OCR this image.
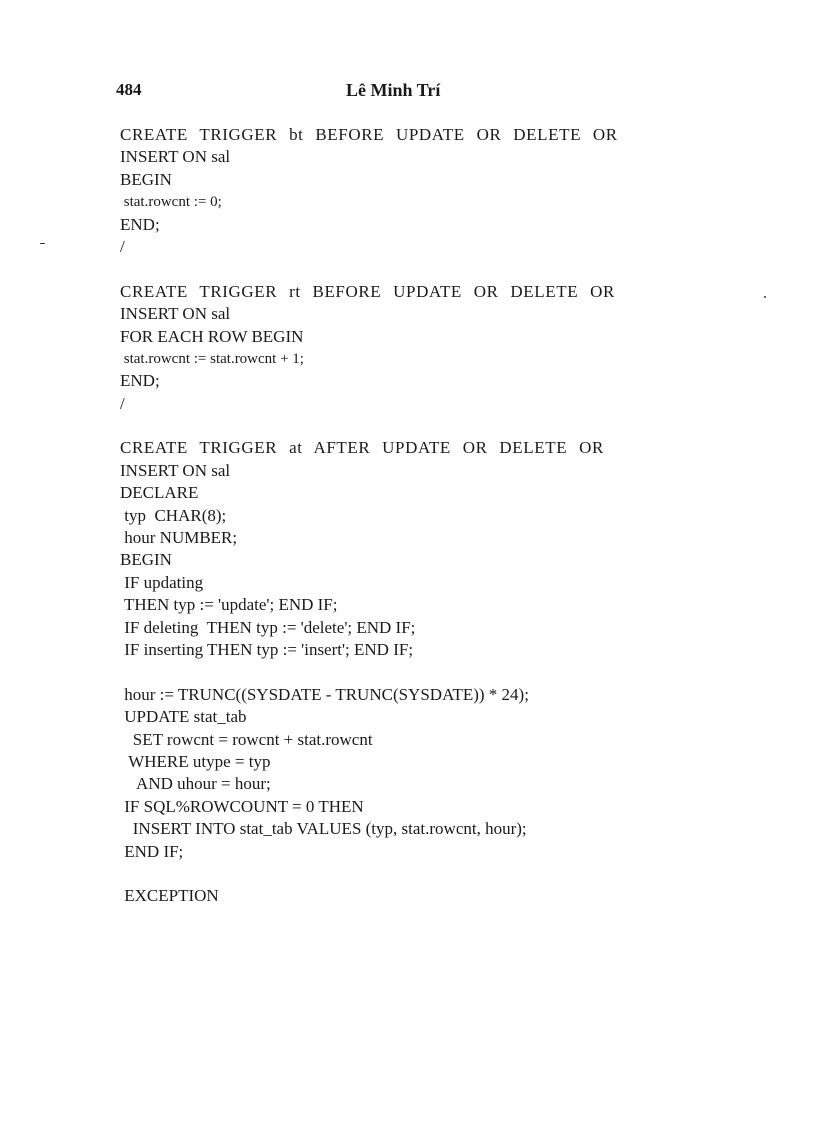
484	Lê Minh Trí
CREATE TRIGGER bt BEFORE UPDATE OR DELETE OR
INSERT ON sal
BEGIN
stat.rowcnt := 0;
END;
/
CREATE TRIGGER rt BEFORE UPDATE OR DELETE OR
INSERT ON sal
FOR EACH ROW BEGIN
stat.rowcnt := stat.rowcnt + 1;
END;
/
CREATE TRIGGER at AFTER UPDATE OR DELETE OR
INSERT ON sal
DECLARE
typ  CHAR(8);
hour NUMBER;
BEGIN
IF updating
THEN typ := 'update'; END IF;
IF deleting  THEN typ := 'delete'; END IF;
IF inserting THEN typ := 'insert'; END IF;
hour := TRUNC((SYSDATE - TRUNC(SYSDATE)) * 24);
UPDATE stat_tab
SET rowcnt = rowcnt + stat.rowcnt
WHERE utype = typ
AND uhour = hour;
IF SQL%ROWCOUNT = 0 THEN
INSERT INTO stat_tab VALUES (typ, stat.rowcnt, hour);
END IF;
EXCEPTION
